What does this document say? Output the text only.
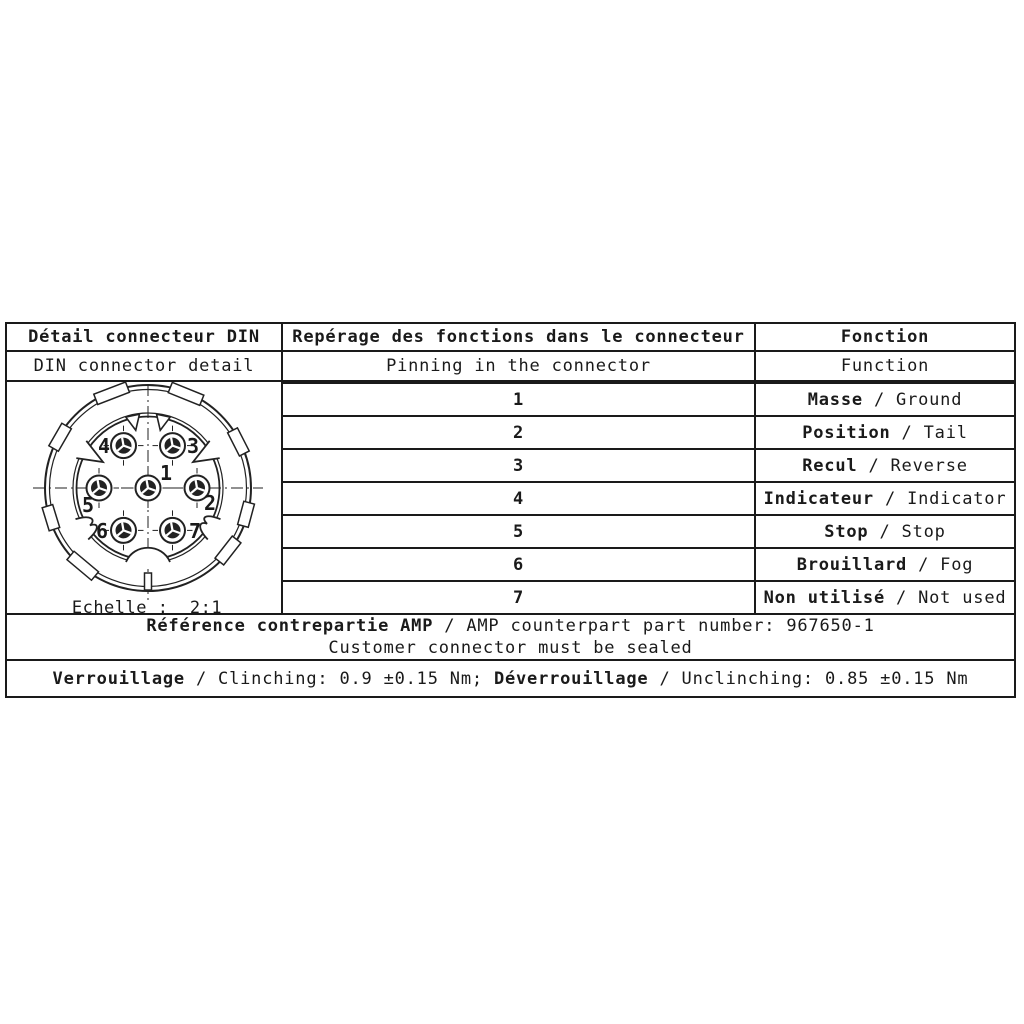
Détail connecteur DIN	Repérage des fonctions dans le connecteur	Fonction
DIN connector detail	Pinning in the connector	Function
1
2
3
4
5
6	7
Echelle :  2:1
1	Masse / Ground
2	Position / Tail
3	Recul / Reverse
4	Indicateur / Indicator
5	Stop / Stop
6	Brouillard / Fog
7	Non utilisé / Not used
Référence contrepartie AMP / AMP counterpart part number: 967650-1
Customer connector must be sealed
Verrouillage / Clinching: 0.9 ±0.15 Nm; Déverrouillage / Unclinching: 0.85 ±0.15 Nm
